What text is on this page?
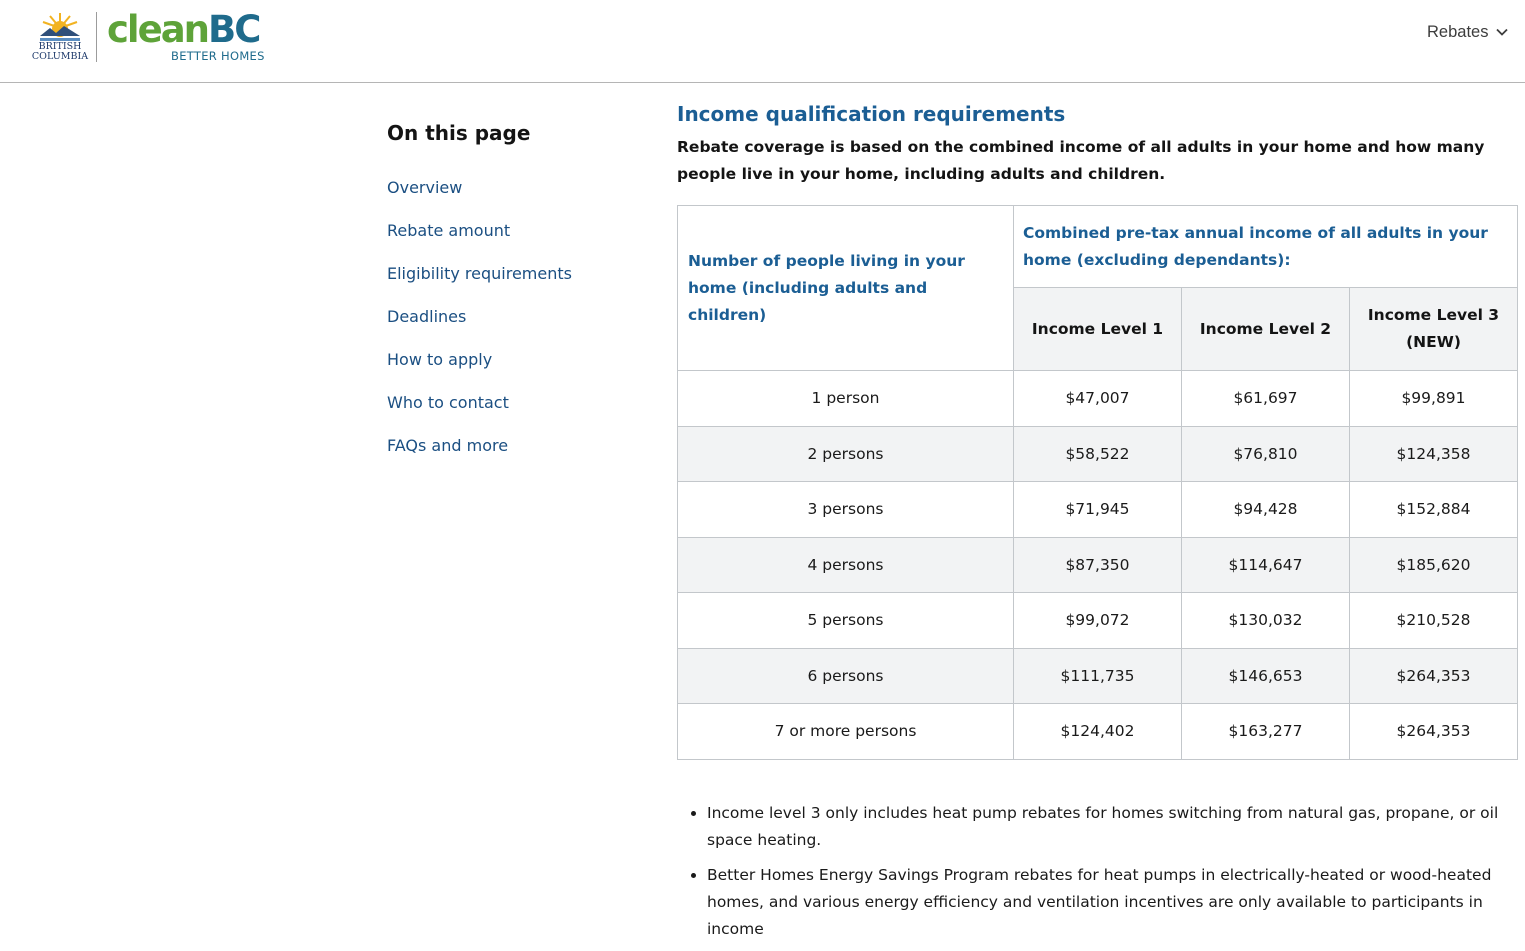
BRITISH
COLUMBIA
cleanBC
BETTER HOMES
Rebates
On this page
Overview
Rebate amount
Eligibility requirements
Deadlines
How to apply
Who to contact
FAQs and more
Income qualification requirements

Rebate coverage is based on the combined income of all adults in your home and how many people live in your home, including adults and children.

Number of people living in your home (including adults and children)	Combined pre-tax annual income of all adults in your home (excluding dependants):		
	Income Level 1	Income Level 2	Income Level 3 (NEW)
1 person	$47,007	$61,697	$99,891
2 persons	$58,522	$76,810	$124,358
3 persons	$71,945	$94,428	$152,884
4 persons	$87,350	$114,647	$185,620
5 persons	$99,072	$130,032	$210,528
6 persons	$111,735	$146,653	$264,353
7 or more persons	$124,402	$163,277	$264,353
• Income level 3 only includes heat pump rebates for homes switching from natural gas, propane, or oil space heating.
• Better Homes Energy Savings Program rebates for heat pumps in electrically-heated or wood-heated homes, and various energy efficiency and ventilation incentives are only available to participants in income
